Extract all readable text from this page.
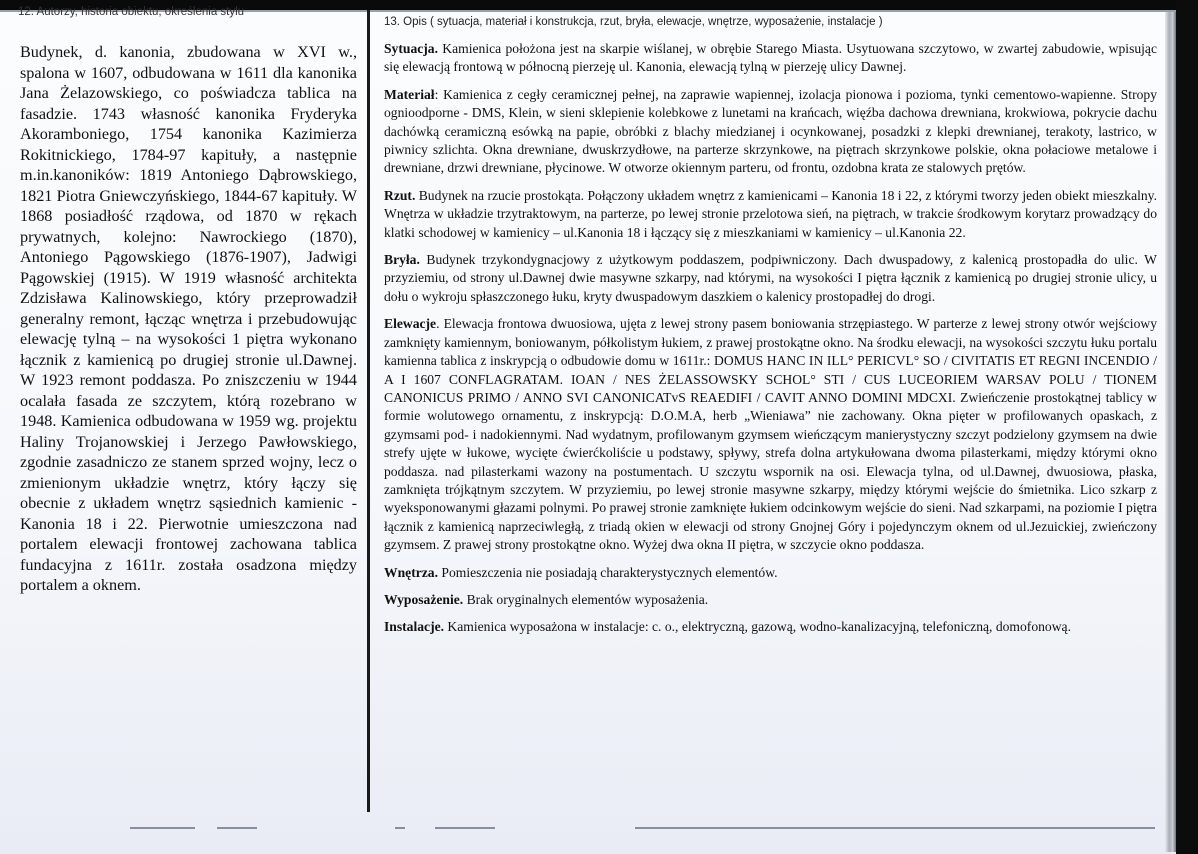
12. Autorzy, historia obiektu, określenia stylu
13. Opis ( sytuacja, materiał i konstrukcja, rzut, bryła, elewacje, wnętrze, wyposażenie, instalacje )
Budynek, d. kanonia, zbudowana w XVI w., spalona w 1607, odbudowana w 1611 dla kanonika Jana Żelazowskiego, co poświadcza tablica na fasadzie. 1743 własność kanonika Fryderyka Akoramboniego, 1754 kanonika Kazimierza Rokitnickiego, 1784-97 kapituły, a następnie m.in.kanoników: 1819 Antoniego Dąbrowskiego, 1821 Piotra Gniewczyńskiego, 1844-67 kapituły. W 1868 posiadłość rządowa, od 1870 w rękach prywatnych, kolejno: Nawrockiego (1870), Antoniego Pągowskiego (1876-1907), Jadwigi Pągowskiej (1915). W 1919 własność architekta Zdzisława Kalinowskiego, który przeprowadził generalny remont, łącząc wnętrza i przebudowując elewację tylną – na wysokości 1 piętra wykonano łącznik z kamienicą po drugiej stronie ul.Dawnej. W 1923 remont poddasza. Po zniszczeniu w 1944 ocalała fasada ze szczytem, którą rozebrano w 1948. Kamienica odbudowana w 1959 wg. projektu Haliny Trojanowskiej i Jerzego Pawłowskiego, zgodnie zasadniczo ze stanem sprzed wojny, lecz o zmienionym układzie wnętrz, który łączy się obecnie z układem wnętrz sąsiednich kamienic - Kanonia 18 i 22. Pierwotnie umieszczona nad portalem elewacji frontowej zachowana tablica fundacyjna z 1611r. została osadzona między portalem a oknem.

Sytuacja. Kamienica położona jest na skarpie wiślanej, w obrębie Starego Miasta. Usytuowana szczytowo, w zwartej zabudowie, wpisując się elewacją frontową w północną pierzeję ul. Kanonia, elewacją tylną w pierzeję ulicy Dawnej.

Materiał: Kamienica z cegły ceramicznej pełnej, na zaprawie wapiennej, izolacja pionowa i pozioma, tynki cementowo-wapienne. Stropy ognioodporne - DMS, Klein, w sieni sklepienie kolebkowe z lunetami na krańcach, więźba dachowa drewniana, krokwiowa, pokrycie dachu dachówką ceramiczną esówką na papie, obróbki z blachy miedzianej i ocynkowanej, posadzki z klepki drewnianej, terakoty, lastrico, w piwnicy szlichta. Okna drewniane, dwuskrzydłowe, na parterze skrzynkowe, na piętrach skrzynkowe polskie, okna połaciowe metalowe i drewniane, drzwi drewniane, płycinowe. W otworze okiennym parteru, od frontu, ozdobna krata ze stalowych prętów.

Rzut. Budynek na rzucie prostokąta. Połączony układem wnętrz z kamienicami – Kanonia 18 i 22, z którymi tworzy jeden obiekt mieszkalny. Wnętrza w układzie trzytraktowym, na parterze, po lewej stronie przelotowa sień, na piętrach, w trakcie środkowym korytarz prowadzący do klatki schodowej w kamienicy – ul.Kanonia 18 i łączący się z mieszkaniami w kamienicy – ul.Kanonia 22.

Bryła. Budynek trzykondygnacjowy z użytkowym poddaszem, podpiwniczony. Dach dwuspadowy, z kalenicą prostopadła do ulic. W przyziemiu, od strony ul.Dawnej dwie masywne szkarpy, nad którymi, na wysokości I piętra łącznik z kamienicą po drugiej stronie ulicy, u dołu o wykroju spłaszczonego łuku, kryty dwuspadowym daszkiem o kalenicy prostopadłej do drogi.

Elewacje. Elewacja frontowa dwuosiowa, ujęta z lewej strony pasem boniowania strzępiastego. W parterze z lewej strony otwór wejściowy zamknięty kamiennym, boniowanym, półkolistym łukiem, z prawej prostokątne okno. Na środku elewacji, na wysokości szczytu łuku portalu kamienna tablica z inskrypcją o odbudowie domu w 1611r.: DOMUS HANC IN ILL° PERICVL° SO / CIVITATIS ET REGNI INCENDIO / A I 1607 CONFLAGRATAM. IOAN / NES ŻELASSOWSKY SCHOL° STI / CUS LUCEORIEM WARSAV POLU / TIONEM CANONICUS PRIMO / ANNO SVI CANONICATvS REAEDIFI / CAVIT ANNO DOMINI MDCXI. Zwieńczenie prostokątnej tablicy w formie wolutowego ornamentu, z inskrypcją: D.O.M.A, herb „Wieniawa” nie zachowany. Okna pięter w profilowanych opaskach, z gzymsami pod- i nadokiennymi. Nad wydatnym, profilowanym gzymsem wieńczącym manierystyczny szczyt podzielony gzymsem na dwie strefy ujęte w łukowe, wycięte ćwierćkoliście u podstawy, spływy, strefa dolna artykułowana dwoma pilasterkami, między którymi okno poddasza. nad pilasterkami wazony na postumentach. U szczytu wspornik na osi. Elewacja tylna, od ul.Dawnej, dwuosiowa, płaska, zamknięta trójkątnym szczytem. W przyziemiu, po lewej stronie masywne szkarpy, między którymi wejście do śmietnika. Lico szkarp z wyeksponowanymi głazami polnymi. Po prawej stronie zamknięte łukiem odcinkowym wejście do sieni. Nad szkarpami, na poziomie I piętra łącznik z kamienicą naprzeciwległą, z triadą okien w elewacji od strony Gnojnej Góry i pojedynczym oknem od ul.Jezuickiej, zwieńczony gzymsem. Z prawej strony prostokątne okno. Wyżej dwa okna II piętra, w szczycie okno poddasza.

Wnętrza. Pomieszczenia nie posiadają charakterystycznych elementów.

Wyposażenie. Brak oryginalnych elementów wyposażenia.

Instalacje. Kamienica wyposażona w instalacje: c. o., elektryczną, gazową, wodno-kanalizacyjną, telefoniczną, domofonową.
